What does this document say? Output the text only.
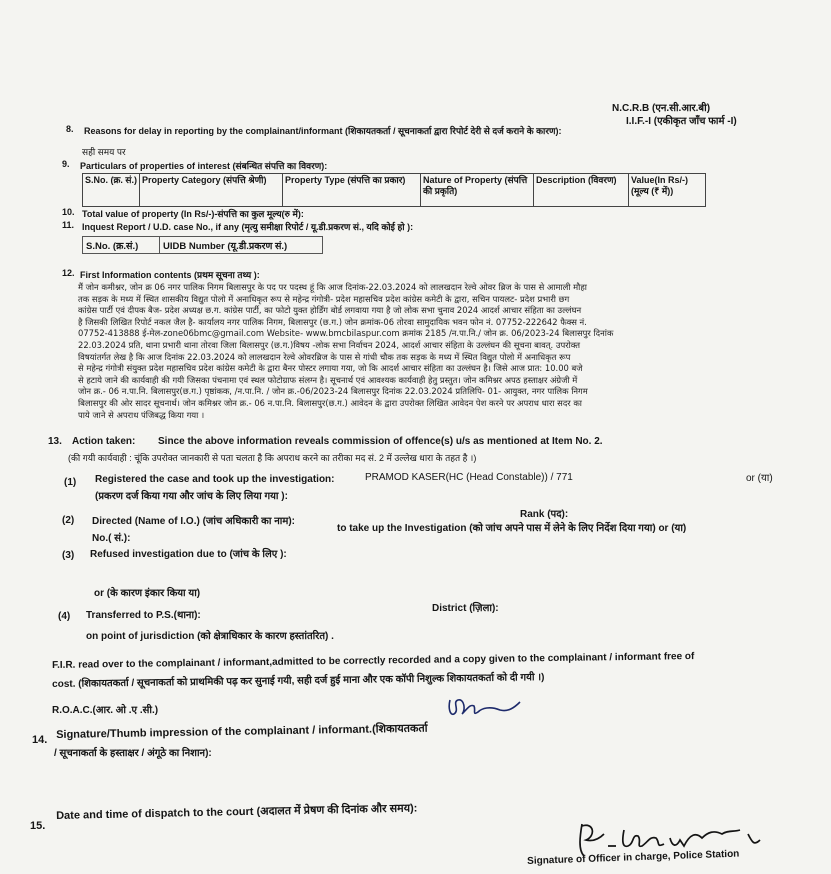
N.C.R.B (एन.सी.आर.बी)
I.I.F.-I (एकीकृत जाँच फार्म -I)
8. Reasons for delay in reporting by the complainant/informant (शिकायतकर्ता / सूचनाकर्ता द्वारा रिपोर्ट देरी से दर्ज कराने के कारण):
सही समय पर
9. Particulars of properties of interest (संबन्धित संपत्ति का विवरण):
S.No. (क्र. सं.)	Property Category (संपत्ति श्रेणी)	Property Type (संपत्ति का प्रकार)	Nature of Property (संपत्ति की प्रकृति)	Description (विवरण)	Value(In Rs/-) (मूल्य (₹ में))
10. Total value of property (In Rs/-)-संपत्ति का कुल मूल्य(रु में):
11. Inquest Report / U.D. case No., if any (मृत्यु समीक्षा रिपोर्ट / यू.डी.प्रकरण सं., यदि कोई हो ):
S.No. (क्र.सं.)	UIDB Number (यू.डी.प्रकरण सं.)
12. First Information contents (प्रथम सूचना तथ्य ):
मैं जोन कमीश्नर, जोन क्र 06 नगर पालिक निगम बिलासपुर के पद पर पदस्थ हूं कि आज दिनांक-22.03.2024 को लालखदान रेल्वे ओवर ब्रिज के पास से आमाली मौहा
तक सड़क के मध्य में स्थित शासकीय विद्युत पोलो में अनाधिकृत रूप से महेन्द्र गंगोत्री- प्रदेश महासचिव प्रदेश कांग्रेस कमेटी के द्वारा, सचिन पायलट- प्रदेश प्रभारी छग
कांग्रेस पार्टी एवं दीपक बैज- प्रदेश अध्यक्ष छ.ग. कांग्रेस पार्टी, का फोटो युक्त होर्डिंग बोर्ड लगवाया गया है जो लोक सभा चुनाव 2024 आदर्श आचार संहिता का उल्लंघन
है जिसकी लिखित रिपोर्ट नकल जैल है- कार्यालय नगर पालिक निगम, बिलासपुर (छ.ग.) जोन क्रमांक-06 तोरवा सामुदायिक भवन फोन नं. 07752-222642 फैक्स नं.
07752-413888 ई-मेल-zone06bmc@gmail.com Website- www.bmcbilaspur.com क्रमांक 2185 /न.पा.नि./ जोन क्र. 06/2023-24 बिलासपुर दिनांक
22.03.2024 प्रति, थाना प्रभारी थाना तोरवा जिला बिलासपुर (छ.ग.)विषय -लोक सभा निर्वाचन 2024, आदर्श आचार संहिता के उल्लंघन की सूचना बावत्. उपरोक्त
विषयांतर्गत लेख है कि आज दिनांक 22.03.2024 को लालखदान रेल्वे ओवरब्रिज के पास से गांधी चौक तक सड़क के मध्य में स्थित विद्युत पोलो में अनाधिकृत रूप
से महेन्द्र गंगोत्री संयुक्त प्रदेश महासचिव प्रदेश कांग्रेस कमेटी के द्वारा बैनर पोस्टर लगाया गया, जो कि आदर्श आचार संहिता का उल्लंघन है। जिसे आज प्रात: 10.00 बजे
से हटाये जाने की कार्यवाही की गयी जिसका पंचनामा एवं स्थल फोटोग्राफ संलग्न है। सूचनार्थ एवं आवश्यक कार्यवाही हेतु प्रस्तुत। जोन कमिश्नर अपठ हस्ताक्षर अंग्रेजी में
जोन क्र.- 06 न.पा.नि. बिलासपुर(छ.ग.) पृष्ठांकक, /न.पा.नि. / जोन क्र.-06/2023-24 बिलासपुर दिनांक 22.03.2024 प्रतिलिपि- 01- आयुक्त, नगर पालिक निगम
बिलासपुर की ओर सादर सूचनार्थ। जोन कमिश्नर जोन क्र.- 06 न.पा.नि. बिलासपुर(छ.ग.) आवेदन के द्वारा उपरोक्त लिखित आवेदन पेश करने पर अपराध धारा सदर का
पाये जाने से अपराध पंजिबद्ध किया गया ।
13. Action taken: Since the above information reveals commission of offence(s) u/s as mentioned at Item No. 2.
(की गयी कार्यवाही : चूंकि उपरोक्त जानकारी से पता चलता है कि अपराध करने का तरीका मद सं. 2 में उल्लेख धारा के तहत है ।)
(1) Registered the case and took up the investigation:	PRAMOD KASER(HC (Head Constable)) / 771	or (या)
(प्रकरण दर्ज किया गया और जांच के लिए लिया गया ):
(2) Directed (Name of I.O.) (जांच अधिकारी का नाम):
Rank (पद):
No.( सं.):
to take up the Investigation (को जांच अपने पास में लेने के लिए निर्देश दिया गया) or (या)
(3) Refused investigation due to (जांच के लिए ):
or (के कारण इंकार किया या)
(4) Transferred to P.S.(थाना):
District (ज़िला):
on point of jurisdiction (को क्षेत्राधिकार के कारण हस्तांतरित) .
F.I.R. read over to the complainant / informant,admitted to be correctly recorded and a copy given to the complainant / informant free of
cost. (शिकायतकर्ता / सूचनाकर्ता को प्राथमिकी पढ़ कर सुनाई गयी, सही दर्ज हुई माना और एक कॉपी निशुल्क शिकायतकर्ता को दी गयी ।)
R.O.A.C.(आर. ओ .ए .सी.)
14. Signature/Thumb impression of the complainant / informant.(शिकायतकर्ता
/ सूचनाकर्ता के हस्ताक्षर / अंगूठे का निशान):
15.
Date and time of dispatch to the court (अदालत में प्रेषण की दिनांक और समय):
Signature of Officer in charge, Police Station
